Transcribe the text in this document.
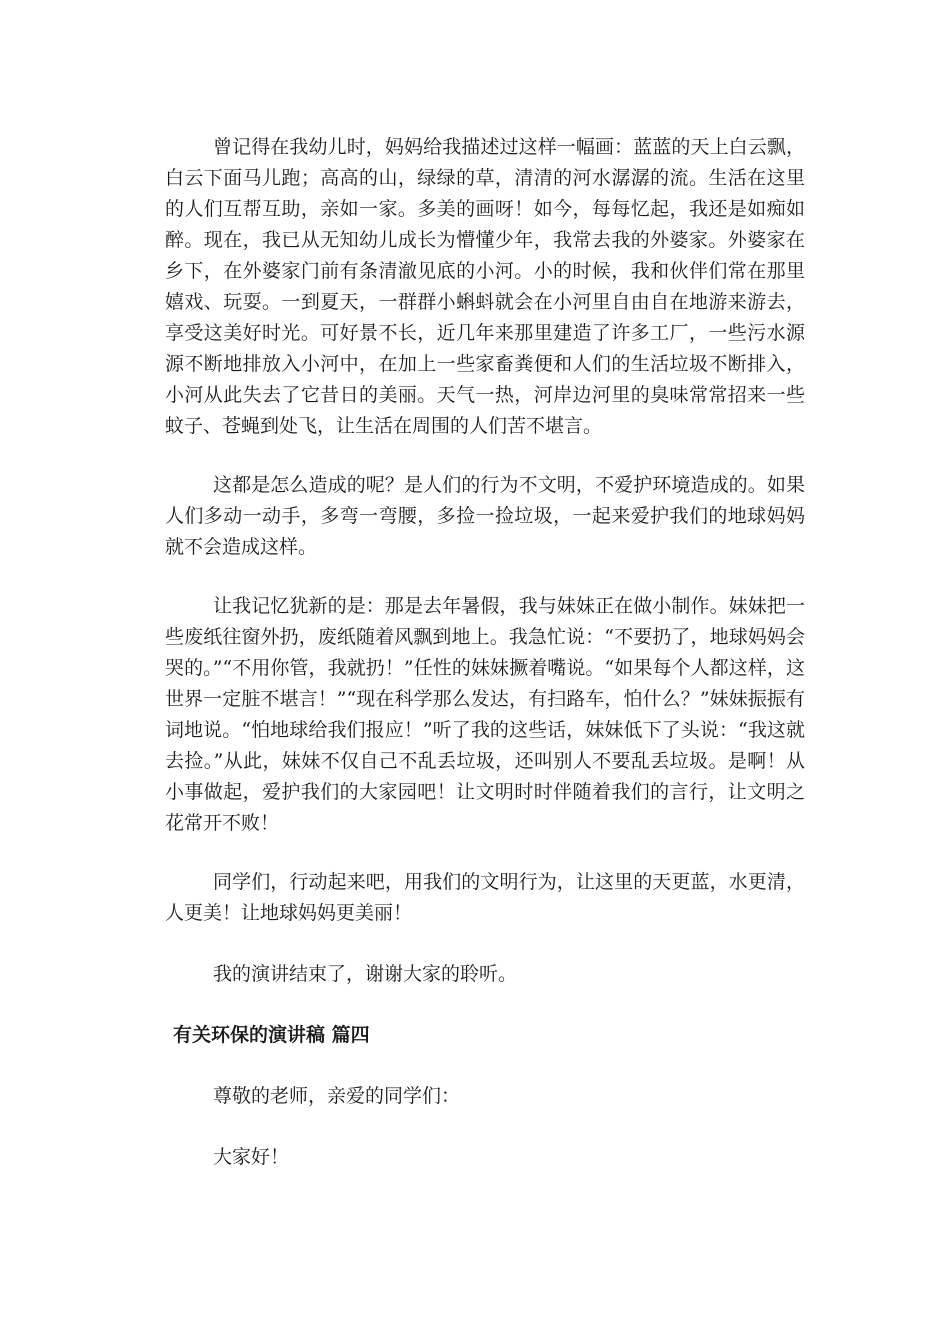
曾记得在我幼儿时，妈妈给我描述过这样一幅画：蓝蓝的天上白云飘，白云下面马儿跑；高高的山，绿绿的草，清清的河水潺潺的流。生活在这里的人们互帮互助，亲如一家。多美的画呀！如今，每每忆起，我还是如痴如醉。现在，我已从无知幼儿成长为懵懂少年，我常去我的外婆家。外婆家在乡下，在外婆家门前有条清澈见底的小河。小的时候，我和伙伴们常在那里嬉戏、玩耍。一到夏天，一群群小蝌蚪就会在小河里自由自在地游来游去，享受这美好时光。可好景不长，近几年来那里建造了许多工厂，一些污水源源不断地排放入小河中，在加上一些家畜粪便和人们的生活垃圾不断排入，小河从此失去了它昔日的美丽。天气一热，河岸边河里的臭味常常招来一些蚊子、苍蝇到处飞，让生活在周围的人们苦不堪言。

这都是怎么造成的呢？是人们的行为不文明，不爱护环境造成的。如果人们多动一动手，多弯一弯腰，多捡一捡垃圾，一起来爱护我们的地球妈妈就不会造成这样。

让我记忆犹新的是：那是去年暑假，我与妹妹正在做小制作。妹妹把一些废纸往窗外扔，废纸随着风飘到地上。我急忙说：“不要扔了，地球妈妈会哭的。”“不用你管，我就扔！”任性的妹妹撅着嘴说。“如果每个人都这样，这世界一定脏不堪言！”“现在科学那么发达，有扫路车，怕什么？”妹妹振振有词地说。“怕地球给我们报应！”听了我的这些话，妹妹低下了头说：“我这就去捡。”从此，妹妹不仅自己不乱丢垃圾，还叫别人不要乱丢垃圾。是啊！从小事做起，爱护我们的大家园吧！让文明时时伴随着我们的言行，让文明之花常开不败！

同学们，行动起来吧，用我们的文明行为，让这里的天更蓝，水更清，人更美！让地球妈妈更美丽！

我的演讲结束了，谢谢大家的聆听。

有关环保的演讲稿 篇四

尊敬的老师，亲爱的同学们：

大家好！
